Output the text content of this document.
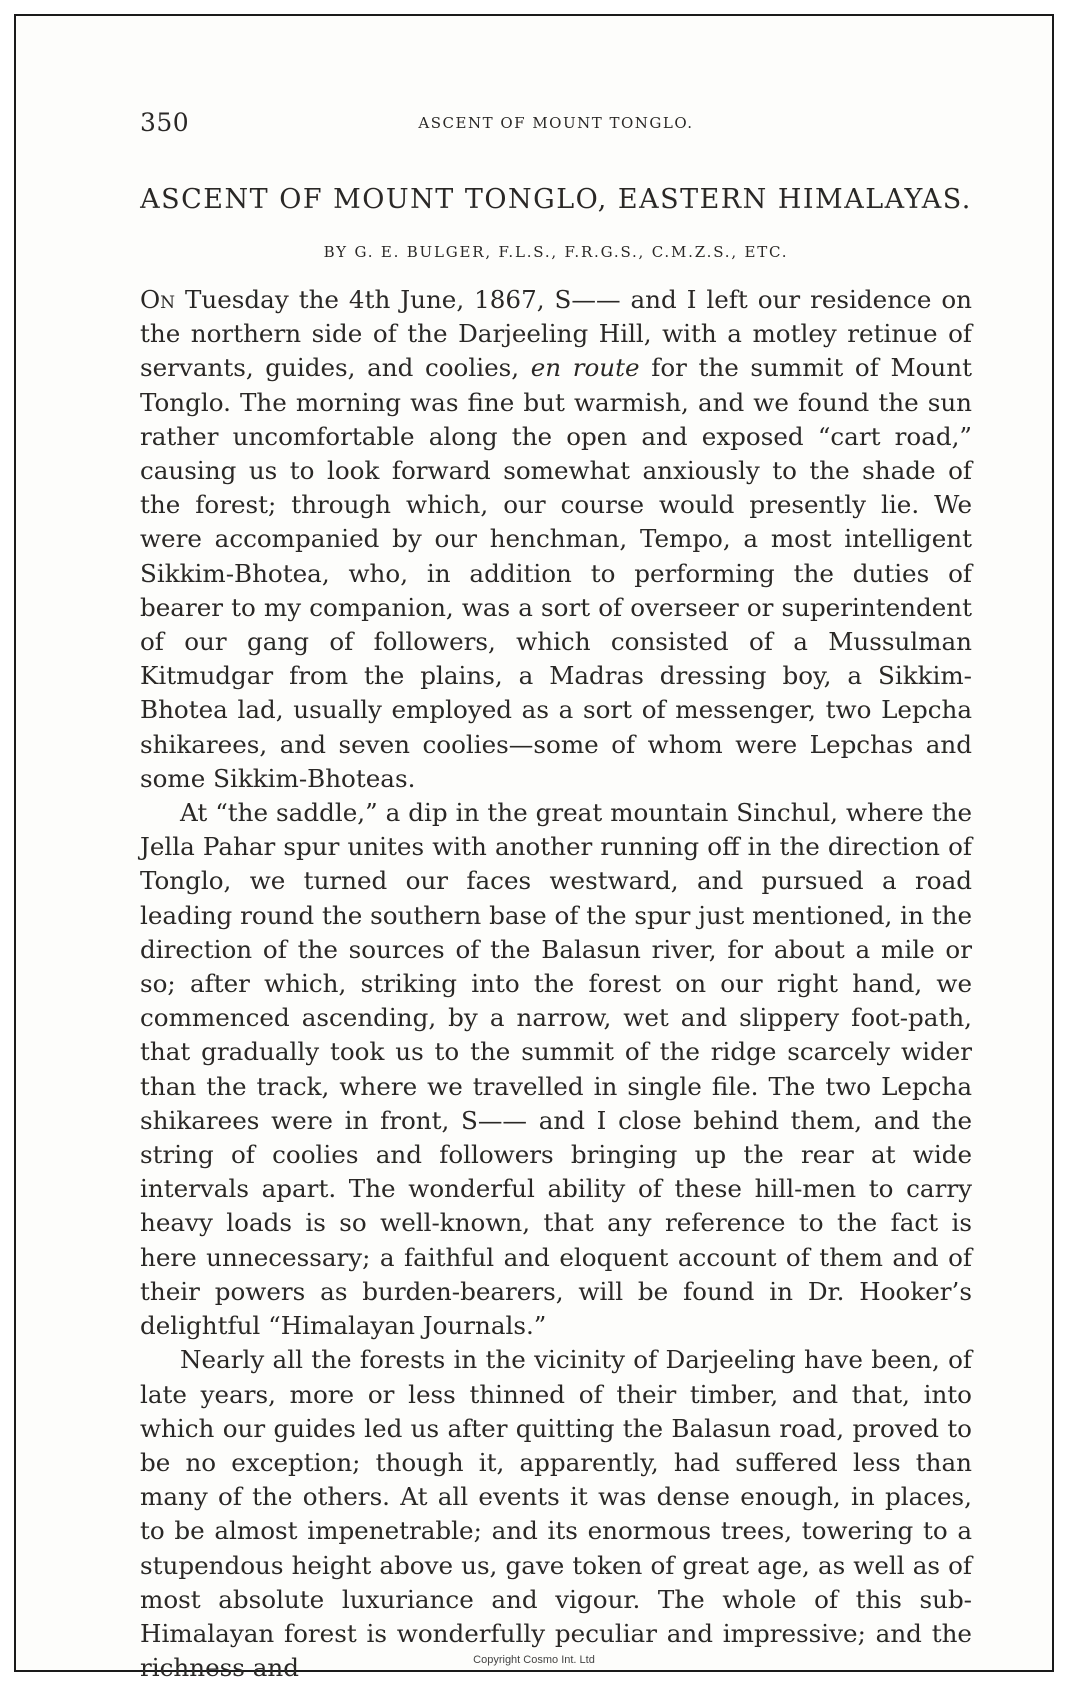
350	ASCENT OF MOUNT TONGLO.
ASCENT OF MOUNT TONGLO, EASTERN HIMALAYAS.
BY G. E. BULGER, F.L.S., F.R.G.S., C.M.Z.S., ETC.

On Tuesday the 4th June, 1867, S—— and I left our residence on the northern side of the Darjeeling Hill, with a motley retinue of servants, guides, and coolies, en route for the summit of Mount Tonglo. The morning was fine but warmish, and we found the sun rather uncomfortable along the open and exposed “cart road,” causing us to look forward somewhat anxiously to the shade of the forest; through which, our course would presently lie. We were accompanied by our henchman, Tempo, a most intelligent Sikkim-Bhotea, who, in addition to performing the duties of bearer to my companion, was a sort of overseer or superintendent of our gang of followers, which consisted of a Mussulman Kitmudgar from the plains, a Madras dressing boy, a Sikkim-Bhotea lad, usually employed as a sort of messenger, two Lepcha shikarees, and seven coolies—some of whom were Lepchas and some Sikkim-Bhoteas.

At “the saddle,” a dip in the great mountain Sinchul, where the Jella Pahar spur unites with another running off in the direction of Tonglo, we turned our faces westward, and pursued a road leading round the southern base of the spur just mentioned, in the direction of the sources of the Balasun river, for about a mile or so; after which, striking into the forest on our right hand, we commenced ascending, by a narrow, wet and slippery foot-path, that gradually took us to the summit of the ridge scarcely wider than the track, where we travelled in single file. The two Lepcha shikarees were in front, S—— and I close behind them, and the string of coolies and followers bringing up the rear at wide intervals apart. The wonderful ability of these hill-men to carry heavy loads is so well-known, that any reference to the fact is here unnecessary; a faithful and eloquent account of them and of their powers as burden-bearers, will be found in Dr. Hooker’s delightful “Himalayan Journals.”

Nearly all the forests in the vicinity of Darjeeling have been, of late years, more or less thinned of their timber, and that, into which our guides led us after quitting the Balasun road, proved to be no exception; though it, apparently, had suffered less than many of the others. At all events it was dense enough, in places, to be almost impenetrable; and its enormous trees, towering to a stupendous height above us, gave token of great age, as well as of most absolute luxuriance and vigour. The whole of this sub-Himalayan forest is wonderfully peculiar and impressive; and the richness and	Copyright Cosmo Int. Ltd
